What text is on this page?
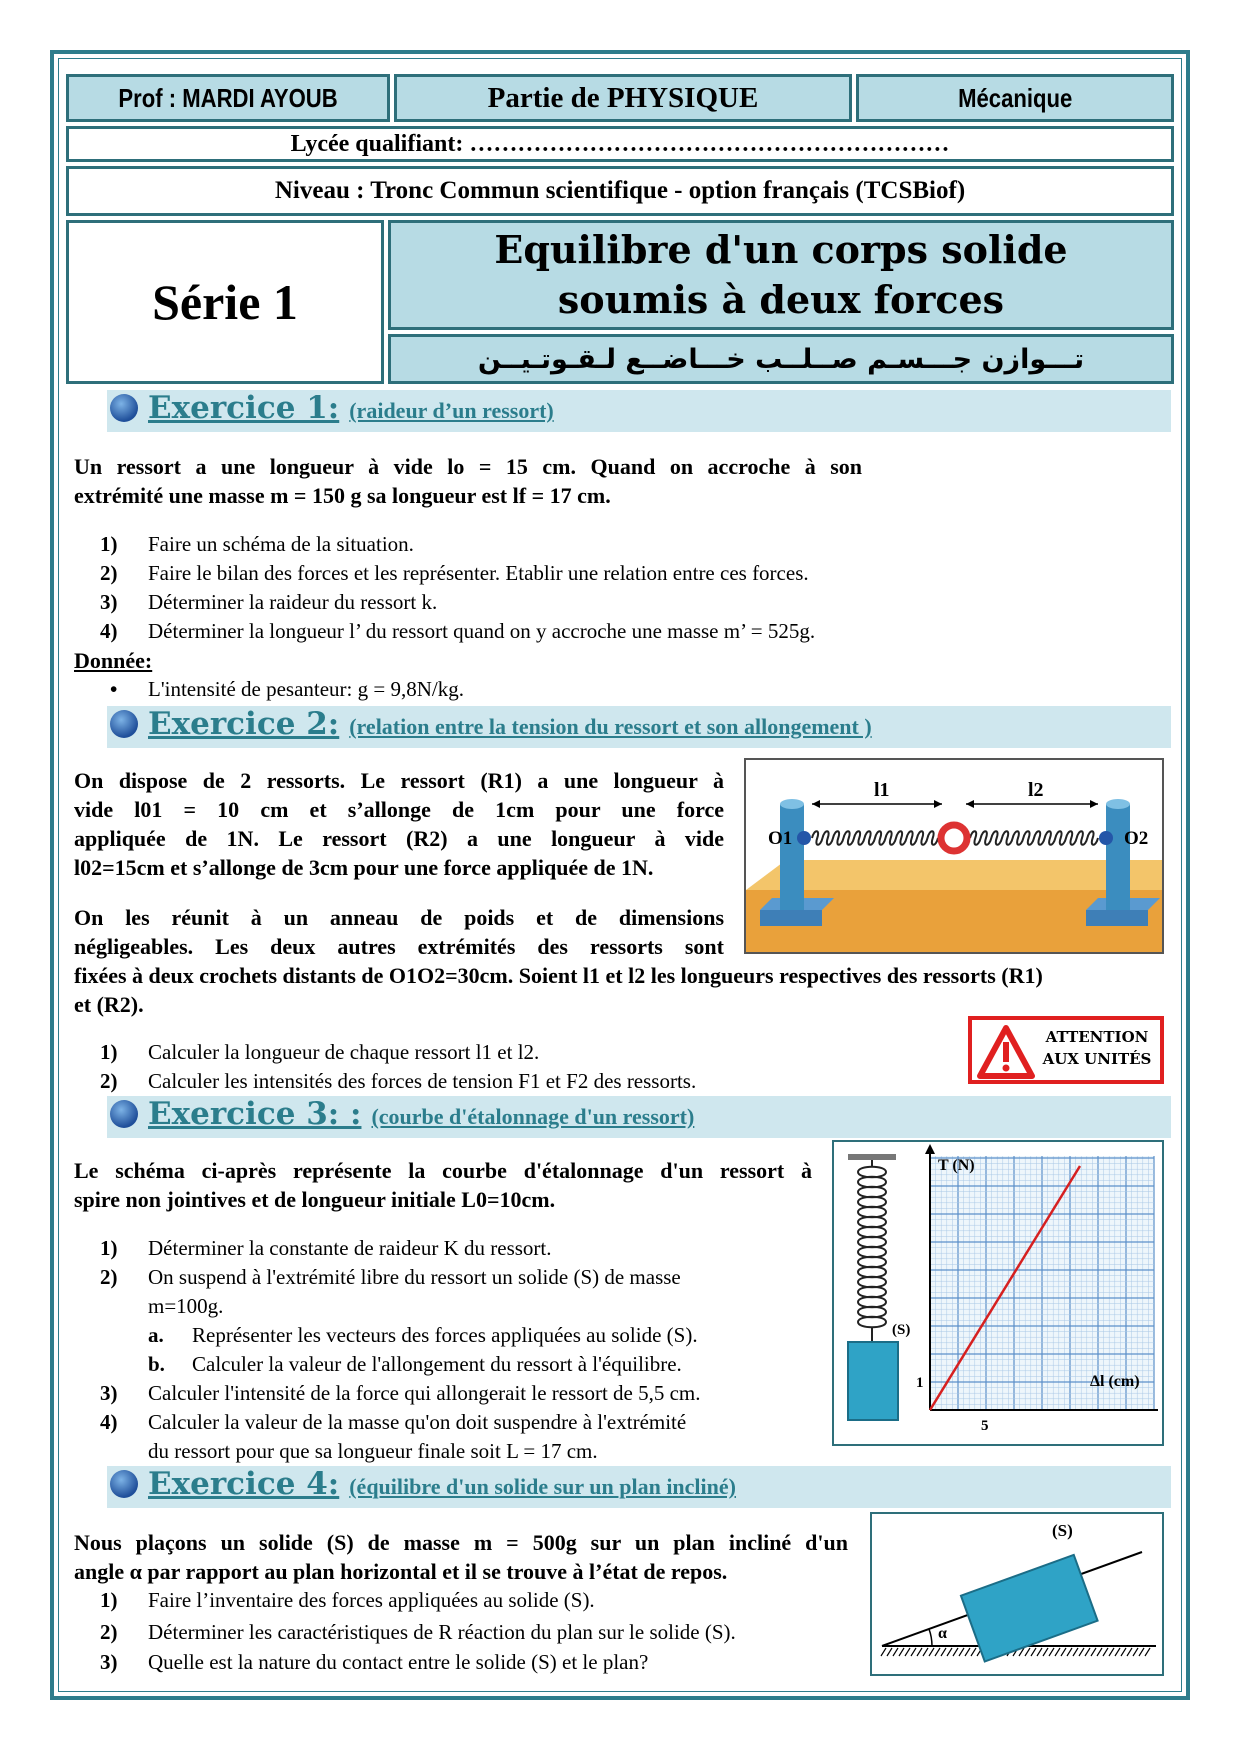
Prof : MARDI AYOUB	Partie de PHYSIQUE	Mécanique
Lycée qualifiant: ……………………………………………………
Niveau : Tronc Commun scientifique - option français (TCSBiof)
Série 1
Equilibre d'un corps solide
soumis à deux forces
تـــوازن جـــسـم صــلــب خـــاضــع لـقـوتـيــن
Exercice 1: (raideur d’un ressort)
Un ressort a une longueur à vide lo = 15 cm. Quand on accroche à son
extrémité une masse m = 150 g sa longueur est lf = 17 cm.
1) Faire un schéma de la situation.
2) Faire le bilan des forces et les représenter. Etablir une relation entre ces forces.
3) Déterminer la raideur du ressort k.
4) Déterminer la longueur l’ du ressort quand on y accroche une masse m’ = 525g.
Donnée:
• L'intensité de pesanteur: g = 9,8N/kg.
Exercice 2: (relation entre la tension du ressort et son allongement )
On dispose de 2 ressorts. Le ressort (R1) a une longueur à
vide l01 = 10 cm et s’allonge de 1cm pour une force
appliquée de 1N. Le ressort (R2) a une longueur à vide
l02=15cm et s’allonge de 3cm pour une force appliquée de 1N.
On les réunit à un anneau de poids et de dimensions
négligeables. Les deux autres extrémités des ressorts sont
fixées à deux crochets distants de O1O2=30cm. Soient l1 et l2 les longueurs respectives des ressorts (R1)
et (R2).
1) Calculer la longueur de chaque ressort l1 et l2.
2) Calculer les intensités des forces de tension F1 et F2 des ressorts.
l1	l2
O1	O2
ATTENTION
AUX UNITÉS
Exercice 3: : (courbe d'étalonnage d'un ressort)
Le schéma ci-après représente la courbe d'étalonnage d'un ressort à
spire non jointives et de longueur initiale L0=10cm.
1) Déterminer la constante de raideur K du ressort.
2) On suspend à l'extrémité libre du ressort un solide (S) de masse
m=100g.
a. Représenter les vecteurs des forces appliquées au solide (S).
b. Calculer la valeur de l'allongement du ressort à l'équilibre.
3) Calculer l'intensité de la force qui allongerait le ressort de 5,5 cm.
4) Calculer la valeur de la masse qu'on doit suspendre à l'extrémité
du ressort pour que sa longueur finale soit L = 17 cm.
(S)
T (N)
Δl (cm)
1
5
Exercice 4: (équilibre d'un solide sur un plan incliné)
Nous plaçons un solide (S) de masse m = 500g sur un plan incliné d'un
angle α par rapport au plan horizontal et il se trouve à l’état de repos.
1) Faire l’inventaire des forces appliquées au solide (S).
2) Déterminer les caractéristiques de R réaction du plan sur le solide (S).
3) Quelle est la nature du contact entre le solide (S) et le plan?
α
(S)
